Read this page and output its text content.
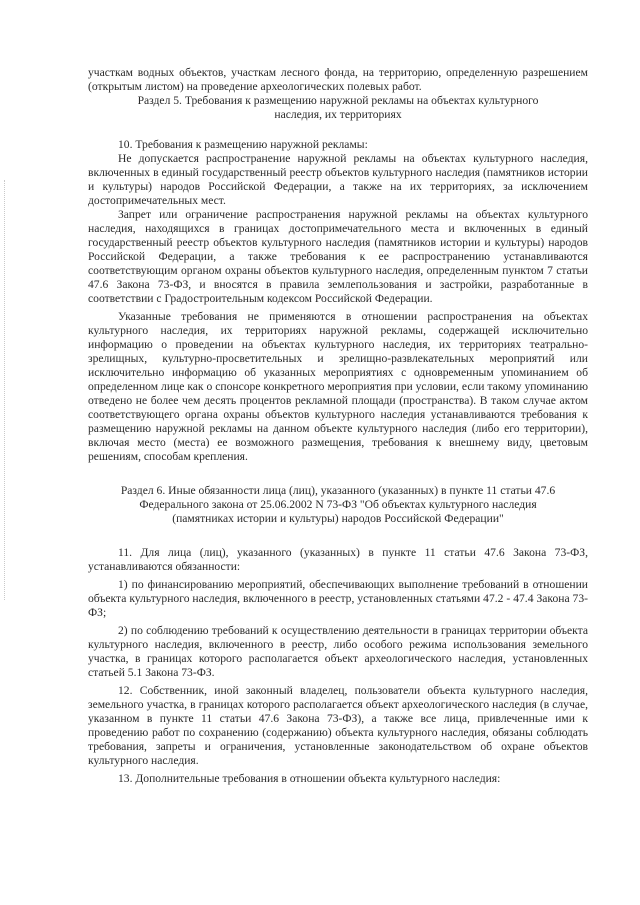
участкам водных объектов, участкам лесного фонда, на территорию, определенную разрешением (открытым листом) на проведение археологических полевых работ.

Раздел 5. Требования к размещению наружной рекламы на объектах культурного наследия, их территориях

10. Требования к размещению наружной рекламы:

Не допускается распространение наружной рекламы на объектах культурного наследия, включенных в единый государственный реестр объектов культурного наследия (памятников истории и культуры) народов Российской Федерации, а также на их территориях, за исключением достопримечательных мест.

Запрет или ограничение распространения наружной рекламы на объектах культурного наследия, находящихся в границах достопримечательного места и включенных в единый государственный реестр объектов культурного наследия (памятников истории и культуры) народов Российской Федерации, а также требования к ее распространению устанавливаются соответствующим органом охраны объектов культурного наследия, определенным пунктом 7 статьи 47.6 Закона 73-ФЗ, и вносятся в правила землепользования и застройки, разработанные в соответствии с Градостроительным кодексом Российской Федерации.

Указанные требования не применяются в отношении распространения на объектах культурного наследия, их территориях наружной рекламы, содержащей исключительно информацию о проведении на объектах культурного наследия, их территориях театрально-зрелищных, культурно-просветительных и зрелищно-развлекательных мероприятий или исключительно информацию об указанных мероприятиях с одновременным упоминанием об определенном лице как о спонсоре конкретного мероприятия при условии, если такому упоминанию отведено не более чем десять процентов рекламной площади (пространства). В таком случае актом соответствующего органа охраны объектов культурного наследия устанавливаются требования к размещению наружной рекламы на данном объекте культурного наследия (либо его территории), включая место (места) ее возможного размещения, требования к внешнему виду, цветовым решениям, способам крепления.

Раздел 6. Иные обязанности лица (лиц), указанного (указанных) в пункте 11 статьи 47.6 Федерального закона от 25.06.2002 N 73-ФЗ "Об объектах культурного наследия (памятниках истории и культуры) народов Российской Федерации"

11. Для лица (лиц), указанного (указанных) в пункте 11 статьи 47.6 Закона 73-ФЗ, устанавливаются обязанности:

1) по финансированию мероприятий, обеспечивающих выполнение требований в отношении объекта культурного наследия, включенного в реестр, установленных статьями 47.2 - 47.4 Закона 73-ФЗ;

2) по соблюдению требований к осуществлению деятельности в границах территории объекта культурного наследия, включенного в реестр, либо особого режима использования земельного участка, в границах которого располагается объект археологического наследия, установленных статьей 5.1 Закона 73-ФЗ.

12. Собственник, иной законный владелец, пользователи объекта культурного наследия, земельного участка, в границах которого располагается объект археологического наследия (в случае, указанном в пункте 11 статьи 47.6 Закона 73-ФЗ), а также все лица, привлеченные ими к проведению работ по сохранению (содержанию) объекта культурного наследия, обязаны соблюдать требования, запреты и ограничения, установленные законодательством об охране объектов культурного наследия.

13. Дополнительные требования в отношении объекта культурного наследия:
